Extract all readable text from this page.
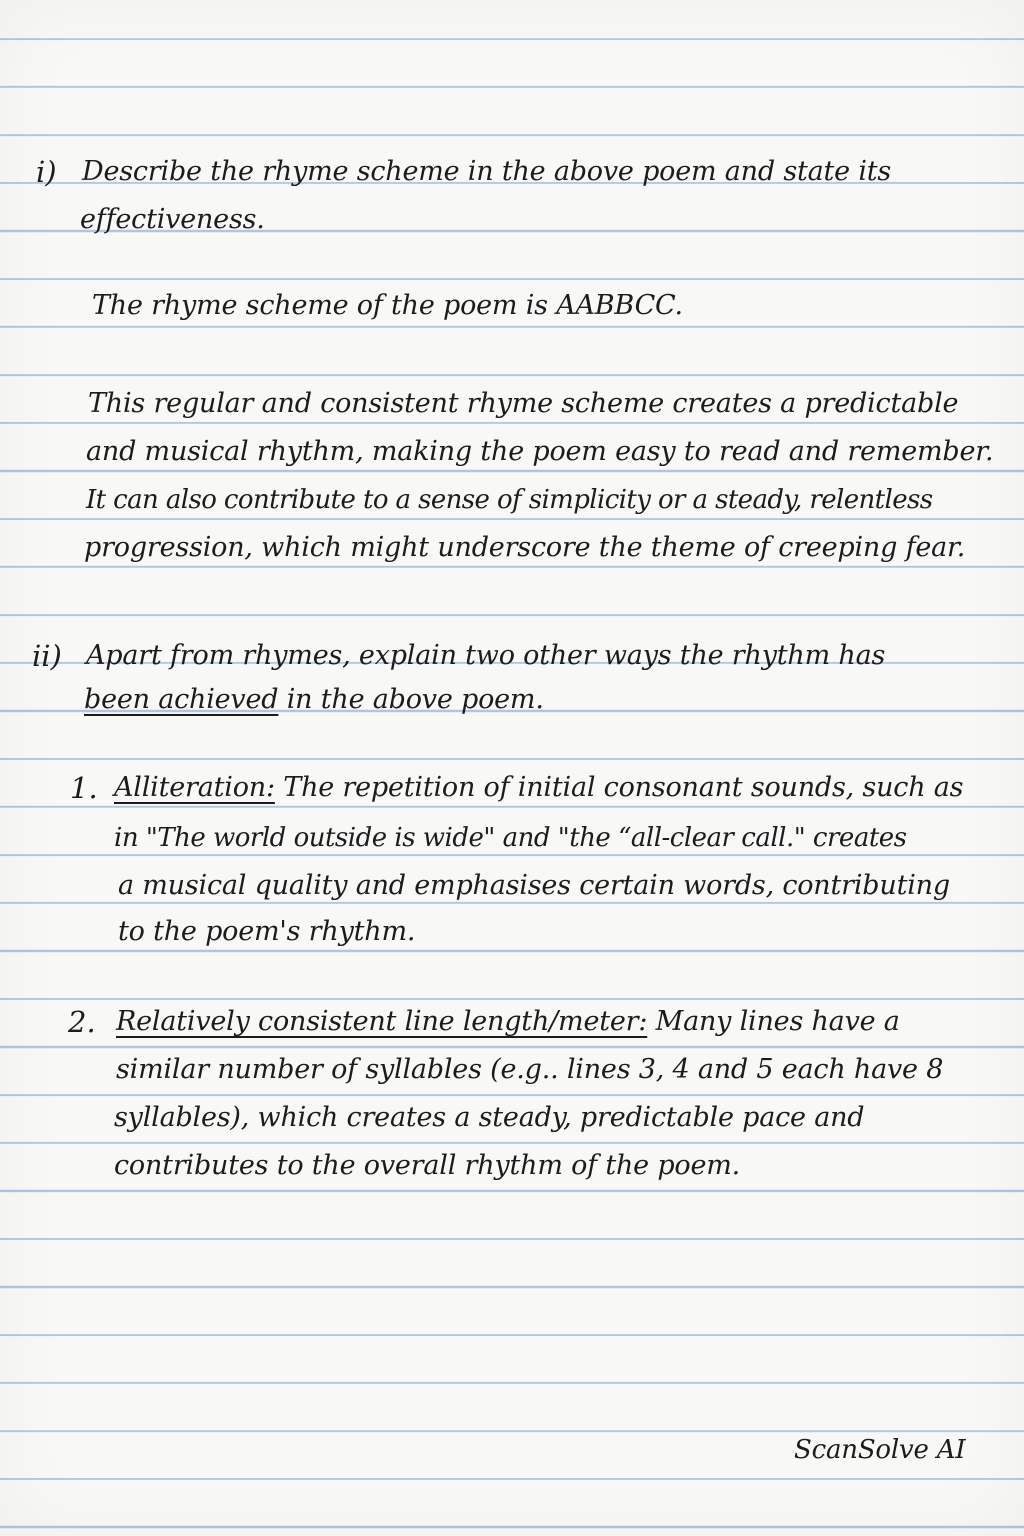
i) Describe the rhyme scheme in the above poem and state its
effectiveness.
The rhyme scheme of the poem is AABBCC.
This regular and consistent rhyme scheme creates a predictable
and musical rhythm, making the poem easy to read and remember.
It can also contribute to a sense of simplicity or a steady, relentless
progression, which might underscore the theme of creeping fear.
ii) Apart from rhymes, explain two other ways the rhythm has
been achieved in the above poem.
1. Alliteration: The repetition of initial consonant sounds, such as
in "The world outside is wide" and "the “all-clear call." creates
a musical quality and emphasises certain words, contributing
to the poem's rhythm.
2. Relatively consistent line length/meter: Many lines have a
similar number of syllables (e.g.. lines 3, 4 and 5 each have 8
syllables), which creates a steady, predictable pace and
contributes to the overall rhythm of the poem.
ScanSolve AI
